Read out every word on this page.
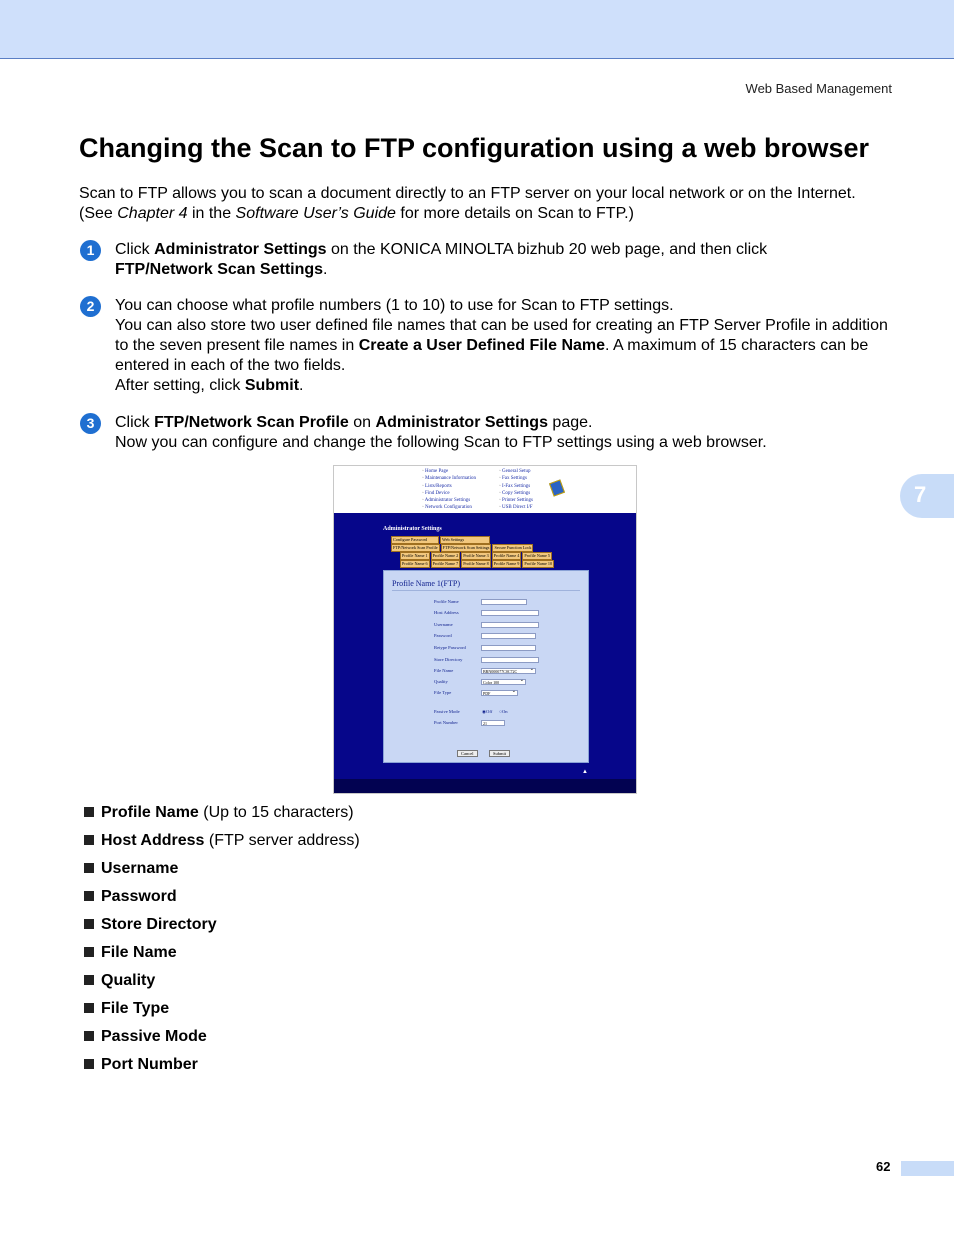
Web Based Management
Changing the Scan to FTP configuration using a web browser
Scan to FTP allows you to scan a document directly to an FTP server on your local network or on the Internet.
(See Chapter 4 in the Software User’s Guide for more details on Scan to FTP.)
1	Click Administrator Settings on the KONICA MINOLTA bizhub 20 web page, and then click
FTP/Network Scan Settings.
2	You can choose what profile numbers (1 to 10) to use for Scan to FTP settings.
You can also store two user defined file names that can be used for creating an FTP Server Profile in addition to the seven present file names in Create a User Defined File Name. A maximum of 15 characters can be entered in each of the two fields.
After setting, click Submit.
3	Click FTP/Network Scan Profile on Administrator Settings page.
Now you can configure and change the following Scan to FTP settings using a web browser.
◦ Home Page
◦ Maintenance Information
◦ Lists/Reports
◦ Find Device
◦ Administrator Settings
◦ Network Configuration
◦ General Setup
◦ Fax Settings
◦ I-Fax Settings
◦ Copy Settings
◦ Printer Settings
◦ USB Direct I/F
Administrator Settings
Configure Password	Web Settings
FTP/Network Scan Profile	FTP/Network Scan Settings	Secure Function Lock
Profile Name 1	Profile Name 2	Profile Name 3	Profile Name 4	Profile Name 5
Profile Name 6	Profile Name 7	Profile Name 8	Profile Name 9	Profile Name 10
Profile Name 1(FTP)
Profile Name
Host Address
Username
Password
Retype Password
Store Directory
File Name	BRN000077C0C72C ⌄
Quality	Color 100 ⌄
File Type	PDF ⌄
Passive Mode	◉Off ○On
Port Number	21
Cancel	Submit
▲
Profile Name (Up to 15 characters)
Host Address (FTP server address)
Username
Password
Store Directory
File Name
Quality
File Type
Passive Mode
Port Number
7
62
